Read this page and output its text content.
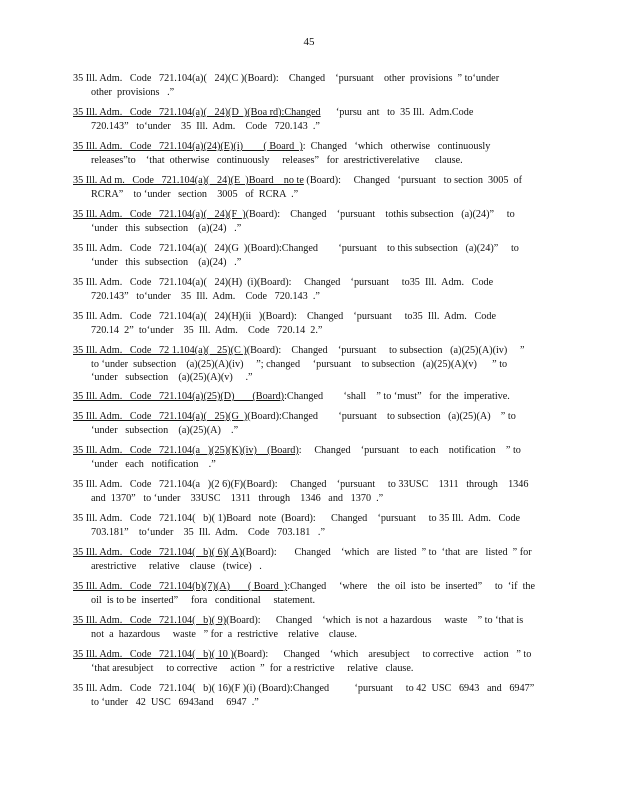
45
35 Ill. Adm.   Code   721.104(a)(   24)(C )(Board):    Changed    ‘pursuant    other  provisions  ” to‘under
other  provisions   .”
35 Ill. Adm.   Code   721.104(a)(   24)(D  )(Boa rd):Changed      ‘pursu  ant   to  35 Ill.  Adm.Code
720.143”   to‘under    35  Ill.  Adm.    Code   720.143  .”
35 Ill. Adm.   Code   721.104(a)(24)(E)(i)        ( Board  ):  Changed   ‘which   otherwise   continuously
releases”to    ‘that  otherwise   continuously     releases”   for  arestrictiverelative      clause.
35 Ill. Ad m.   Code   721.104(a)(   24)(E  )Board    no te (Board):     Changed   ‘pursuant   to section  3005  of
RCRA”    to ‘under   section    3005   of  RCRA  .”
35 Ill. Adm.   Code   721.104(a)(   24)(F  )(Board):    Changed    ‘pursuant    tothis subsection   (a)(24)”     to
‘under   this  subsection    (a)(24)   .”
35 Ill. Adm.   Code   721.104(a)(   24)(G  )(Board):Changed        ‘pursuant    to this subsection   (a)(24)”     to
‘under   this  subsection    (a)(24)   .”
35 Ill. Adm.   Code   721.104(a)(   24)(H)  (i)(Board):     Changed    ‘pursuant     to35  Ill.  Adm.   Code
720.143”   to‘under    35  Ill.  Adm.    Code   720.143  .”
35 Ill. Adm.   Code   721.104(a)(   24)(H)(ii   )(Board):    Changed    ‘pursuant     to35  Ill.  Adm.   Code
720.14  2”  to‘under    35  Ill.  Adm.    Code   720.14  2.”
35 Ill. Adm.   Code   72 1.104(a)(   25)(C )(Board):    Changed    ‘pursuant     to subsection   (a)(25)(A)(iv)     ”
to ‘under  subsection    (a)(25)(A)(iv)     ”; changed     ‘pursuant    to subsection   (a)(25)(A)(v)      ” to
‘under   subsection    (a)(25)(A)(v)     .”
35 Ill. Adm.   Code   721.104(a)(25)(D)       (Board):Changed        ‘shall    ” to ‘must”   for  the  imperative.
35 Ill. Adm.   Code   721.104(a)(   25)(G  )(Board):Changed        ‘pursuant    to subsection   (a)(25)(A)    ” to
‘under   subsection    (a)(25)(A)    .”
35 Ill. Adm.   Code   721.104(a   )(25)(K)(iv)    (Board):     Changed    ‘pursuant    to each    notification    ” to
‘under   each   notification    .”
35 Ill. Adm.   Code   721.104(a   )(2 6)(F)(Board):     Changed    ‘pursuant     to 33USC    1311   through    1346
and  1370”   to ‘under    33USC    1311   through    1346   and   1370  .”
35 Ill. Adm.   Code   721.104(   b)( 1)Board   note  (Board):      Changed    ‘pursuant     to 35 Ill.  Adm.   Code
703.181”    to‘under    35  Ill.  Adm.    Code   703.181   .”
35 Ill. Adm.   Code   721.104(   b)( 6)( A)(Board):       Changed    ‘which   are  listed  ” to  ‘that  are   listed  ” for
arestrictive     relative    clause   (twice)   .
35 Ill. Adm.   Code   721.104(b)(7)(A)       ( Board  ):Changed     ‘where    the  oil  isto  be  inserted”     to  ‘if  the
oil  is to be  inserted”     fora   conditional     statement.
35 Ill. Adm.   Code   721.104(   b)( 9)(Board):      Changed    ‘which  is not  a hazardous     waste    ” to ‘that is
not  a  hazardous     waste   ” for  a  restrictive    relative    clause.
35 Ill. Adm.   Code   721.104(   b)( 10 )(Board):      Changed    ‘which    aresubject     to corrective    action   ” to
‘that aresubject     to corrective     action  ”  for  a restrictive     relative   clause.
35 Ill. Adm.   Code   721.104(   b)( 16)(F )(i) (Board):Changed          ‘pursuant     to 42  USC   6943   and   6947”
to ‘under   42  USC   6943and     6947  .”
